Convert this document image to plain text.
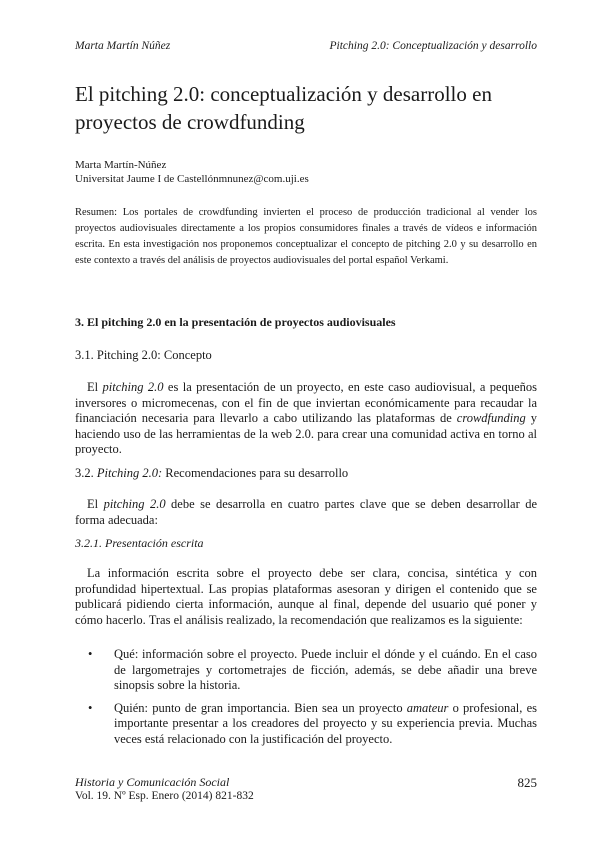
Marta Martín Núñez	Pitching 2.0: Conceptualización y desarrollo
El pitching 2.0: conceptualización y desarrollo en proyectos de crowdfunding
Marta Martín-Núñez
Universitat Jaume I de Castellónmnunez@com.uji.es
Resumen: Los portales de crowdfunding invierten el proceso de producción tradicional al vender los proyectos audiovisuales directamente a los propios consumidores finales a través de vídeos e información escrita. En esta investigación nos proponemos conceptualizar el concepto de pitching 2.0 y su desarrollo en este contexto a través del análisis de proyectos audiovisuales del portal español Verkami.
3. El pitching 2.0 en la presentación de proyectos audiovisuales
3.1. Pitching 2.0: Concepto
El pitching 2.0 es la presentación de un proyecto, en este caso audiovisual, a pequeños inversores o micromecenas, con el fin de que inviertan económicamente para recaudar la financiación necesaria para llevarlo a cabo utilizando las plataformas de crowdfunding y haciendo uso de las herramientas de la web 2.0. para crear una comunidad activa en torno al proyecto.
3.2. Pitching 2.0: Recomendaciones para su desarrollo
El pitching 2.0 debe se desarrolla en cuatro partes clave que se deben desarrollar de forma adecuada:
3.2.1. Presentación escrita
La información escrita sobre el proyecto debe ser clara, concisa, sintética y con profundidad hipertextual. Las propias plataformas asesoran y dirigen el contenido que se publicará pidiendo cierta información, aunque al final, depende del usuario qué poner y cómo hacerlo. Tras el análisis realizado, la recomendación que realizamos es la siguiente:
• Qué: información sobre el proyecto. Puede incluir el dónde y el cuándo. En el caso de largometrajes y cortometrajes de ficción, además, se debe añadir una breve sinopsis sobre la historia.
• Quién: punto de gran importancia. Bien sea un proyecto amateur o profesional, es importante presentar a los creadores del proyecto y su experiencia previa. Muchas veces está relacionado con la justificación del proyecto.
Historia y Comunicación Social
Vol. 19. Nº Esp. Enero (2014) 821-832
825
